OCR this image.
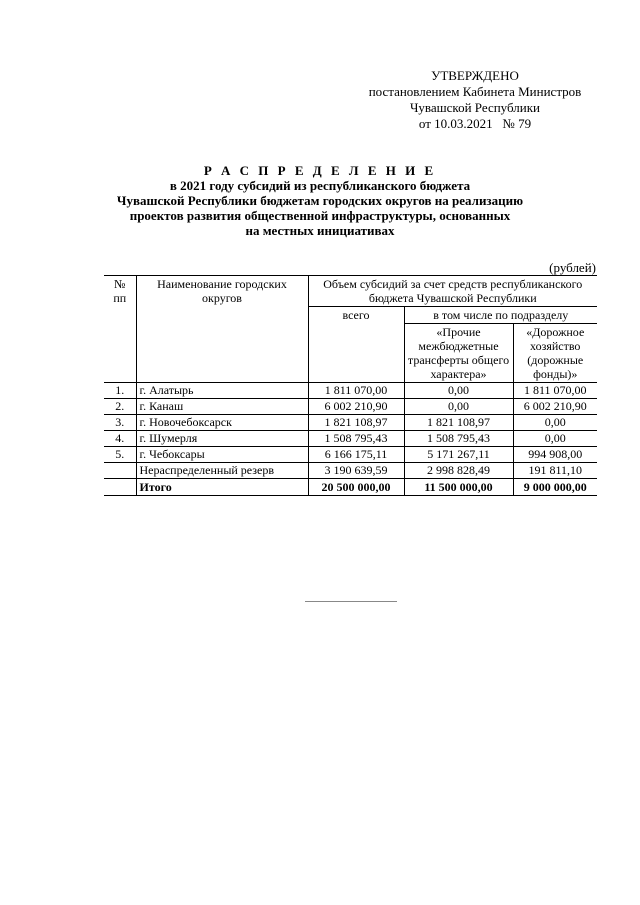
УТВЕРЖДЕНО
постановлением Кабинета Министров
Чувашской Республики
от 10.03.2021   № 79
Р А С П Р Е Д Е Л Е Н И Е
в 2021 году субсидий из республиканского бюджета
Чувашской Республики бюджетам городских округов на реализацию
проектов развития общественной инфраструктуры, основанных
на местных инициативах
(рублей)
№ пп	Наименование городских округов	Объем субсидий за счет средств республиканского бюджета Чувашской Республики		
		всего	в том числе по подразделу	
			«Прочие межбюджетные трансферты общего характера»	«Дорожное хозяйство (дорожные фонды)»
1.	г. Алатырь	1 811 070,00	0,00	1 811 070,00
2.	г. Канаш	6 002 210,90	0,00	6 002 210,90
3.	г. Новочебоксарск	1 821 108,97	1 821 108,97	0,00
4.	г. Шумерля	1 508 795,43	1 508 795,43	0,00
5.	г. Чебоксары	6 166 175,11	5 171 267,11	994 908,00
	Нераспределенный резерв	3 190 639,59	2 998 828,49	191 811,10
	Итого	20 500 000,00	11 500 000,00	9 000 000,00
